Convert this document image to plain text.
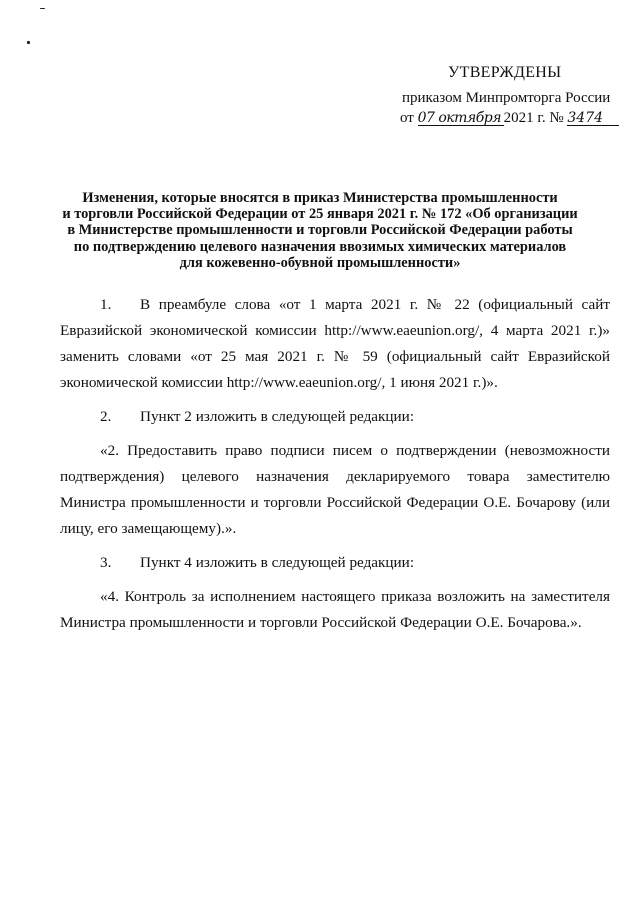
УТВЕРЖДЕНЫ
приказом Минпромторга России
от 07 октября 2021 г. № 3474
Изменения, которые вносятся в приказ Министерства промышленности
и торговли Российской Федерации от 25 января 2021 г. № 172 «Об организации
в Министерстве промышленности и торговли Российской Федерации работы
по подтверждению целевого назначения ввозимых химических материалов
для кожевенно-обувной промышленности»

1. В преамбуле слова «от 1 марта 2021 г. № 22 (официальный сайт Евразийской экономической комиссии http://www.eaeunion.org/, 4 марта 2021 г.)» заменить словами «от 25 мая 2021 г. № 59 (официальный сайт Евразийской экономической комиссии http://www.eaeunion.org/, 1 июня 2021 г.)».

2. Пункт 2 изложить в следующей редакции:

«2. Предоставить право подписи писем о подтверждении (невозможности подтверждения) целевого назначения декларируемого товара заместителю Министра промышленности и торговли Российской Федерации О.Е. Бочарову (или лицу, его замещающему).».

3. Пункт 4 изложить в следующей редакции:

«4. Контроль за исполнением настоящего приказа возложить на заместителя Министра промышленности и торговли Российской Федерации О.Е. Бочарова.».
